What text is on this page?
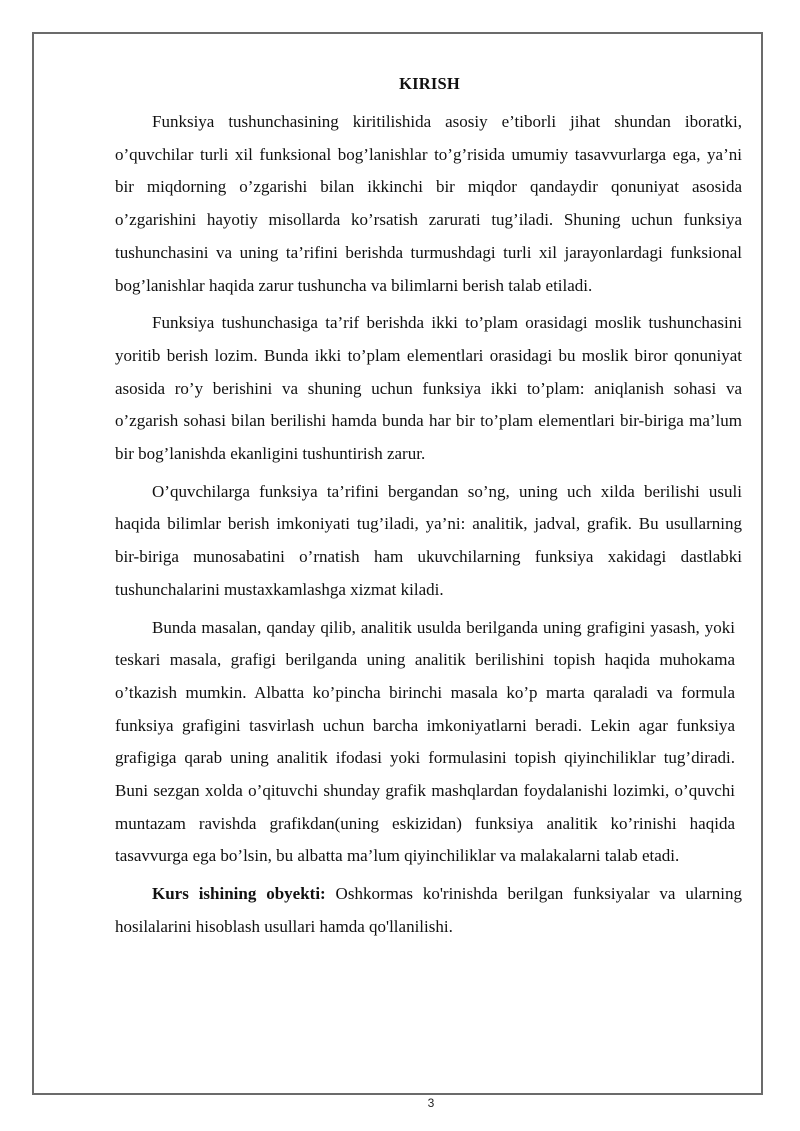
KIRISH

Funksiya tushunchasining kiritilishida asosiy e’tiborli jihat shundan iboratki, o’quvchilar turli xil funksional bog’lanishlar to’g’risida umumiy tasavvurlarga ega, ya’ni bir miqdorning o’zgarishi bilan ikkinchi bir miqdor qandaydir qonuniyat asosida o’zgarishini hayotiy misollarda ko’rsatish zarurati tug’iladi. Shuning uchun funksiya tushunchasini va uning ta’rifini berishda turmushdagi turli xil jarayonlardagi funksional bog’lanishlar haqida zarur tushuncha va bilimlarni berish talab etiladi.

Funksiya tushunchasiga ta’rif berishda ikki to’plam orasidagi moslik tushunchasini yoritib berish lozim. Bunda ikki to’plam elementlari orasidagi bu moslik biror qonuniyat asosida ro’y berishini va shuning uchun funksiya ikki to’plam: aniqlanish sohasi va o’zgarish sohasi bilan berilishi hamda bunda har bir to’plam elementlari bir-biriga ma’lum bir bog’lanishda ekanligini tushuntirish zarur.

O’quvchilarga funksiya ta’rifini bergandan so’ng, uning uch xilda berilishi usuli haqida bilimlar berish imkoniyati tug’iladi, ya’ni: analitik, jadval, grafik. Bu usullarning bir-biriga munosabatini o’rnatish ham ukuvchilarning funksiya xakidagi dastlabki tushunchalarini mustaxkamlashga xizmat kiladi.

Bunda masalan, qanday qilib, analitik usulda berilganda uning grafigini yasash, yoki teskari masala, grafigi berilganda uning analitik berilishini topish haqida muhokama o’tkazish mumkin. Albatta ko’pincha birinchi masala ko’p marta qaraladi va formula funksiya grafigini tasvirlash uchun barcha imkoniyatlarni beradi. Lekin agar funksiya grafigiga qarab uning analitik ifodasi yoki formulasini topish qiyinchiliklar tug’diradi. Buni sezgan xolda o’qituvchi shunday grafik mashqlardan foydalanishi lozimki, o’quvchi muntazam ravishda grafikdan(uning eskizidan) funksiya analitik ko’rinishi haqida tasavvurga ega bo’lsin, bu albatta ma’lum qiyinchiliklar va malakalarni talab etadi.

Kurs ishining obyekti: Oshkormas ko'rinishda berilgan funksiyalar va ularning hosilalarini hisoblash usullari hamda qo'llanilishi.

3
